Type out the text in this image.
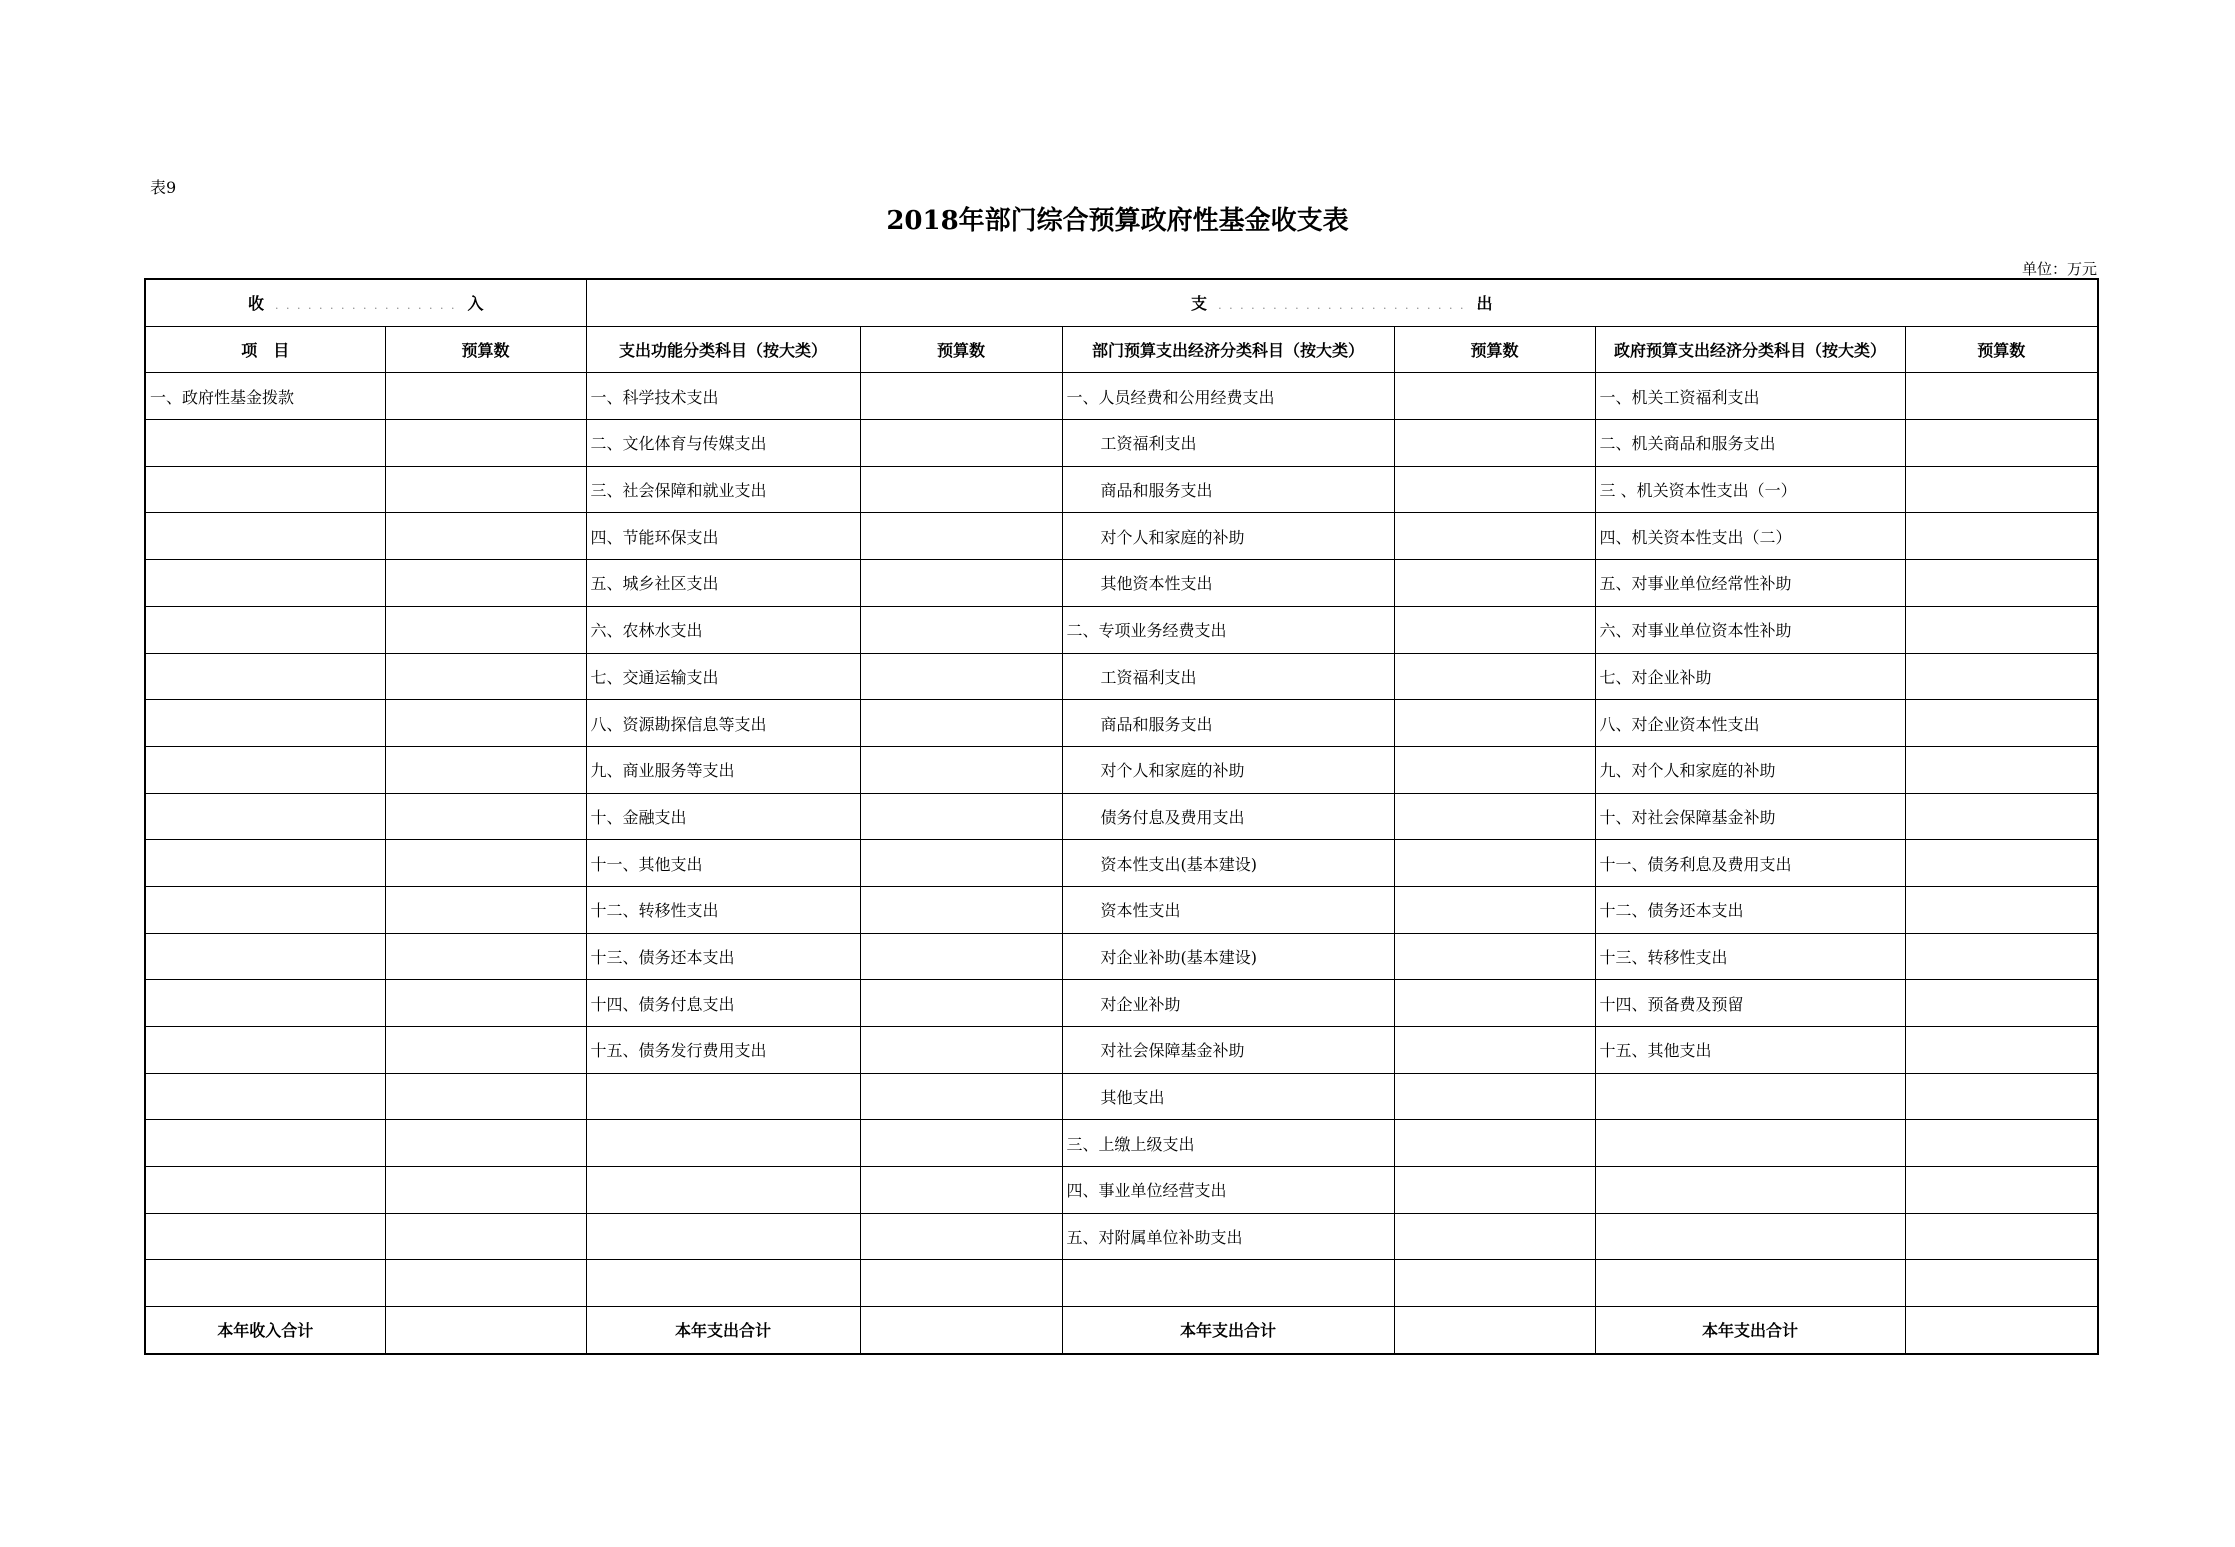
表9
2018年部门综合预算政府性基金收支表
单位：万元
收  . . . . . . . . . . . . . . . . .  入		支  . . . . . . . . . . . . . . . . . . . . . . .  出					
项　目	预算数	支出功能分类科目（按大类）	预算数	部门预算支出经济分类科目（按大类）	预算数	政府预算支出经济分类科目（按大类）	预算数
一、政府性基金拨款		一、科学技术支出		一、人员经费和公用经费支出		一、机关工资福利支出	
		二、文化体育与传媒支出		工资福利支出		二、机关商品和服务支出	
		三、社会保障和就业支出		商品和服务支出		三 、机关资本性支出（一）	
		四、节能环保支出		对个人和家庭的补助		四、机关资本性支出（二）	
		五、城乡社区支出		其他资本性支出		五、对事业单位经常性补助	
		六、农林水支出		二、专项业务经费支出		六、对事业单位资本性补助	
		七、交通运输支出		工资福利支出		七、对企业补助	
		八、资源勘探信息等支出		商品和服务支出		八、对企业资本性支出	
		九、商业服务等支出		对个人和家庭的补助		九、对个人和家庭的补助	
		十、金融支出		债务付息及费用支出		十、对社会保障基金补助	
		十一、其他支出		资本性支出(基本建设)		十一、债务利息及费用支出	
		十二、转移性支出		资本性支出		十二、债务还本支出	
		十三、债务还本支出		对企业补助(基本建设)		十三、转移性支出	
		十四、债务付息支出		对企业补助		十四、预备费及预留	
		十五、债务发行费用支出		对社会保障基金补助		十五、其他支出	
				其他支出			
				三、上缴上级支出			
				四、事业单位经营支出			
				五、对附属单位补助支出			

本年收入合计		本年支出合计		本年支出合计		本年支出合计	
